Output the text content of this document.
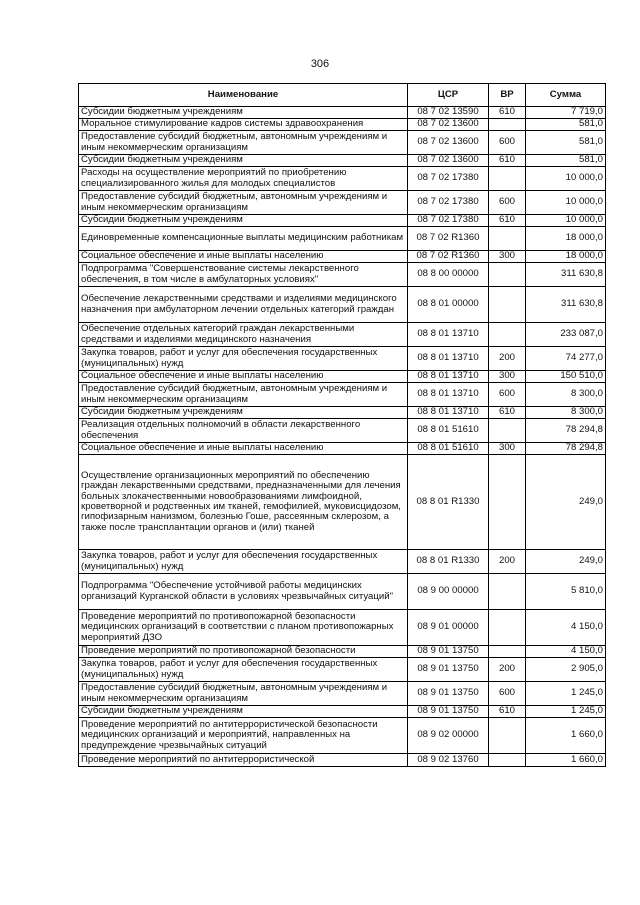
306
Наименование	ЦСР	ВР	Сумма
Субсидии бюджетным учреждениям	08 7 02 13590	610	7 719,0
Моральное стимулирование кадров системы здравоохранения	08 7 02 13600		581,0
Предоставление субсидий бюджетным, автономным учреждениям и иным некоммерческим организациям	08 7 02 13600	600	581,0
Субсидии бюджетным учреждениям	08 7 02 13600	610	581,0
Расходы на осуществление мероприятий по приобретению специализированного жилья для молодых специалистов	08 7 02 17380		10 000,0
Предоставление субсидий бюджетным, автономным учреждениям и иным некоммерческим организациям	08 7 02 17380	600	10 000,0
Субсидии бюджетным учреждениям	08 7 02 17380	610	10 000,0
Единовременные компенсационные выплаты медицинским работникам	08 7 02 R1360		18 000,0
Социальное обеспечение и иные выплаты населению	08 7 02 R1360	300	18 000,0
Подпрограмма "Совершенствование системы лекарственного обеспечения, в том числе в амбулаторных условиях"	08 8 00 00000		311 630,8
Обеспечение лекарственными средствами и изделиями медицинского назначения при амбулаторном лечении отдельных категорий граждан	08 8 01 00000		311 630,8
Обеспечение отдельных категорий граждан лекарственными средствами и изделиями медицинского назначения	08 8 01 13710		233 087,0
Закупка товаров, работ и услуг для обеспечения государственных (муниципальных) нужд	08 8 01 13710	200	74 277,0
Социальное обеспечение и иные выплаты населению	08 8 01 13710	300	150 510,0
Предоставление субсидий бюджетным, автономным учреждениям и иным некоммерческим организациям	08 8 01 13710	600	8 300,0
Субсидии бюджетным учреждениям	08 8 01 13710	610	8 300,0
Реализация отдельных полномочий в области лекарственного обеспечения	08 8 01 51610		78 294,8
Социальное обеспечение и иные выплаты населению	08 8 01 51610	300	78 294,8
Осуществление организационных мероприятий по обеспечению граждан лекарственными средствами, предназначенными для лечения больных злокачественными новообразованиями лимфоидной, кроветворной и родственных им тканей, гемофилией, муковисцидозом, гипофизарным нанизмом, болезнью Гоше, рассеянным склерозом, а также после трансплантации органов и (или) тканей	08 8 01 R1330		249,0
Закупка товаров, работ и услуг для обеспечения государственных (муниципальных) нужд	08 8 01 R1330	200	249,0
Подпрограмма "Обеспечение устойчивой работы медицинских организаций Курганской области в условиях чрезвычайных ситуаций"	08 9 00 00000		5 810,0
Проведение мероприятий по противопожарной безопасности медицинских организаций в соответствии с планом противопожарных мероприятий ДЗО	08 9 01 00000		4 150,0
Проведение мероприятий по противопожарной безопасности	08 9 01 13750		4 150,0
Закупка товаров, работ и услуг для обеспечения государственных (муниципальных) нужд	08 9 01 13750	200	2 905,0
Предоставление субсидий бюджетным, автономным учреждениям и иным некоммерческим организациям	08 9 01 13750	600	1 245,0
Субсидии бюджетным учреждениям	08 9 01 13750	610	1 245,0
Проведение мероприятий по антитеррористической безопасности медицинских организаций и мероприятий, направленных на предупреждение чрезвычайных ситуаций	08 9 02 00000		1 660,0
Проведение мероприятий по антитеррористической	08 9 02 13760		1 660,0
